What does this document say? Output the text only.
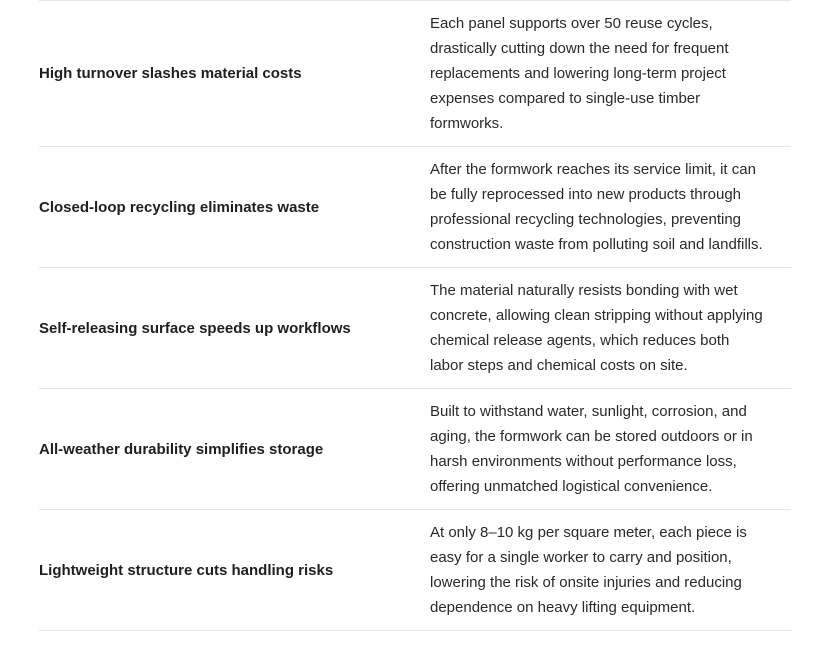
High turnover slashes material costs
Each panel supports over 50 reuse cycles,
drastically cutting down the need for frequent
replacements and lowering long-term project
expenses compared to single-use timber
formworks.
Closed-loop recycling eliminates waste
After the formwork reaches its service limit, it can
be fully reprocessed into new products through
professional recycling technologies, preventing
construction waste from polluting soil and landfills.
Self-releasing surface speeds up workflows
The material naturally resists bonding with wet
concrete, allowing clean stripping without applying
chemical release agents, which reduces both
labor steps and chemical costs on site.
All-weather durability simplifies storage
Built to withstand water, sunlight, corrosion, and
aging, the formwork can be stored outdoors or in
harsh environments without performance loss,
offering unmatched logistical convenience.
Lightweight structure cuts handling risks
At only 8–10 kg per square meter, each piece is
easy for a single worker to carry and position,
lowering the risk of onsite injuries and reducing
dependence on heavy lifting equipment.
